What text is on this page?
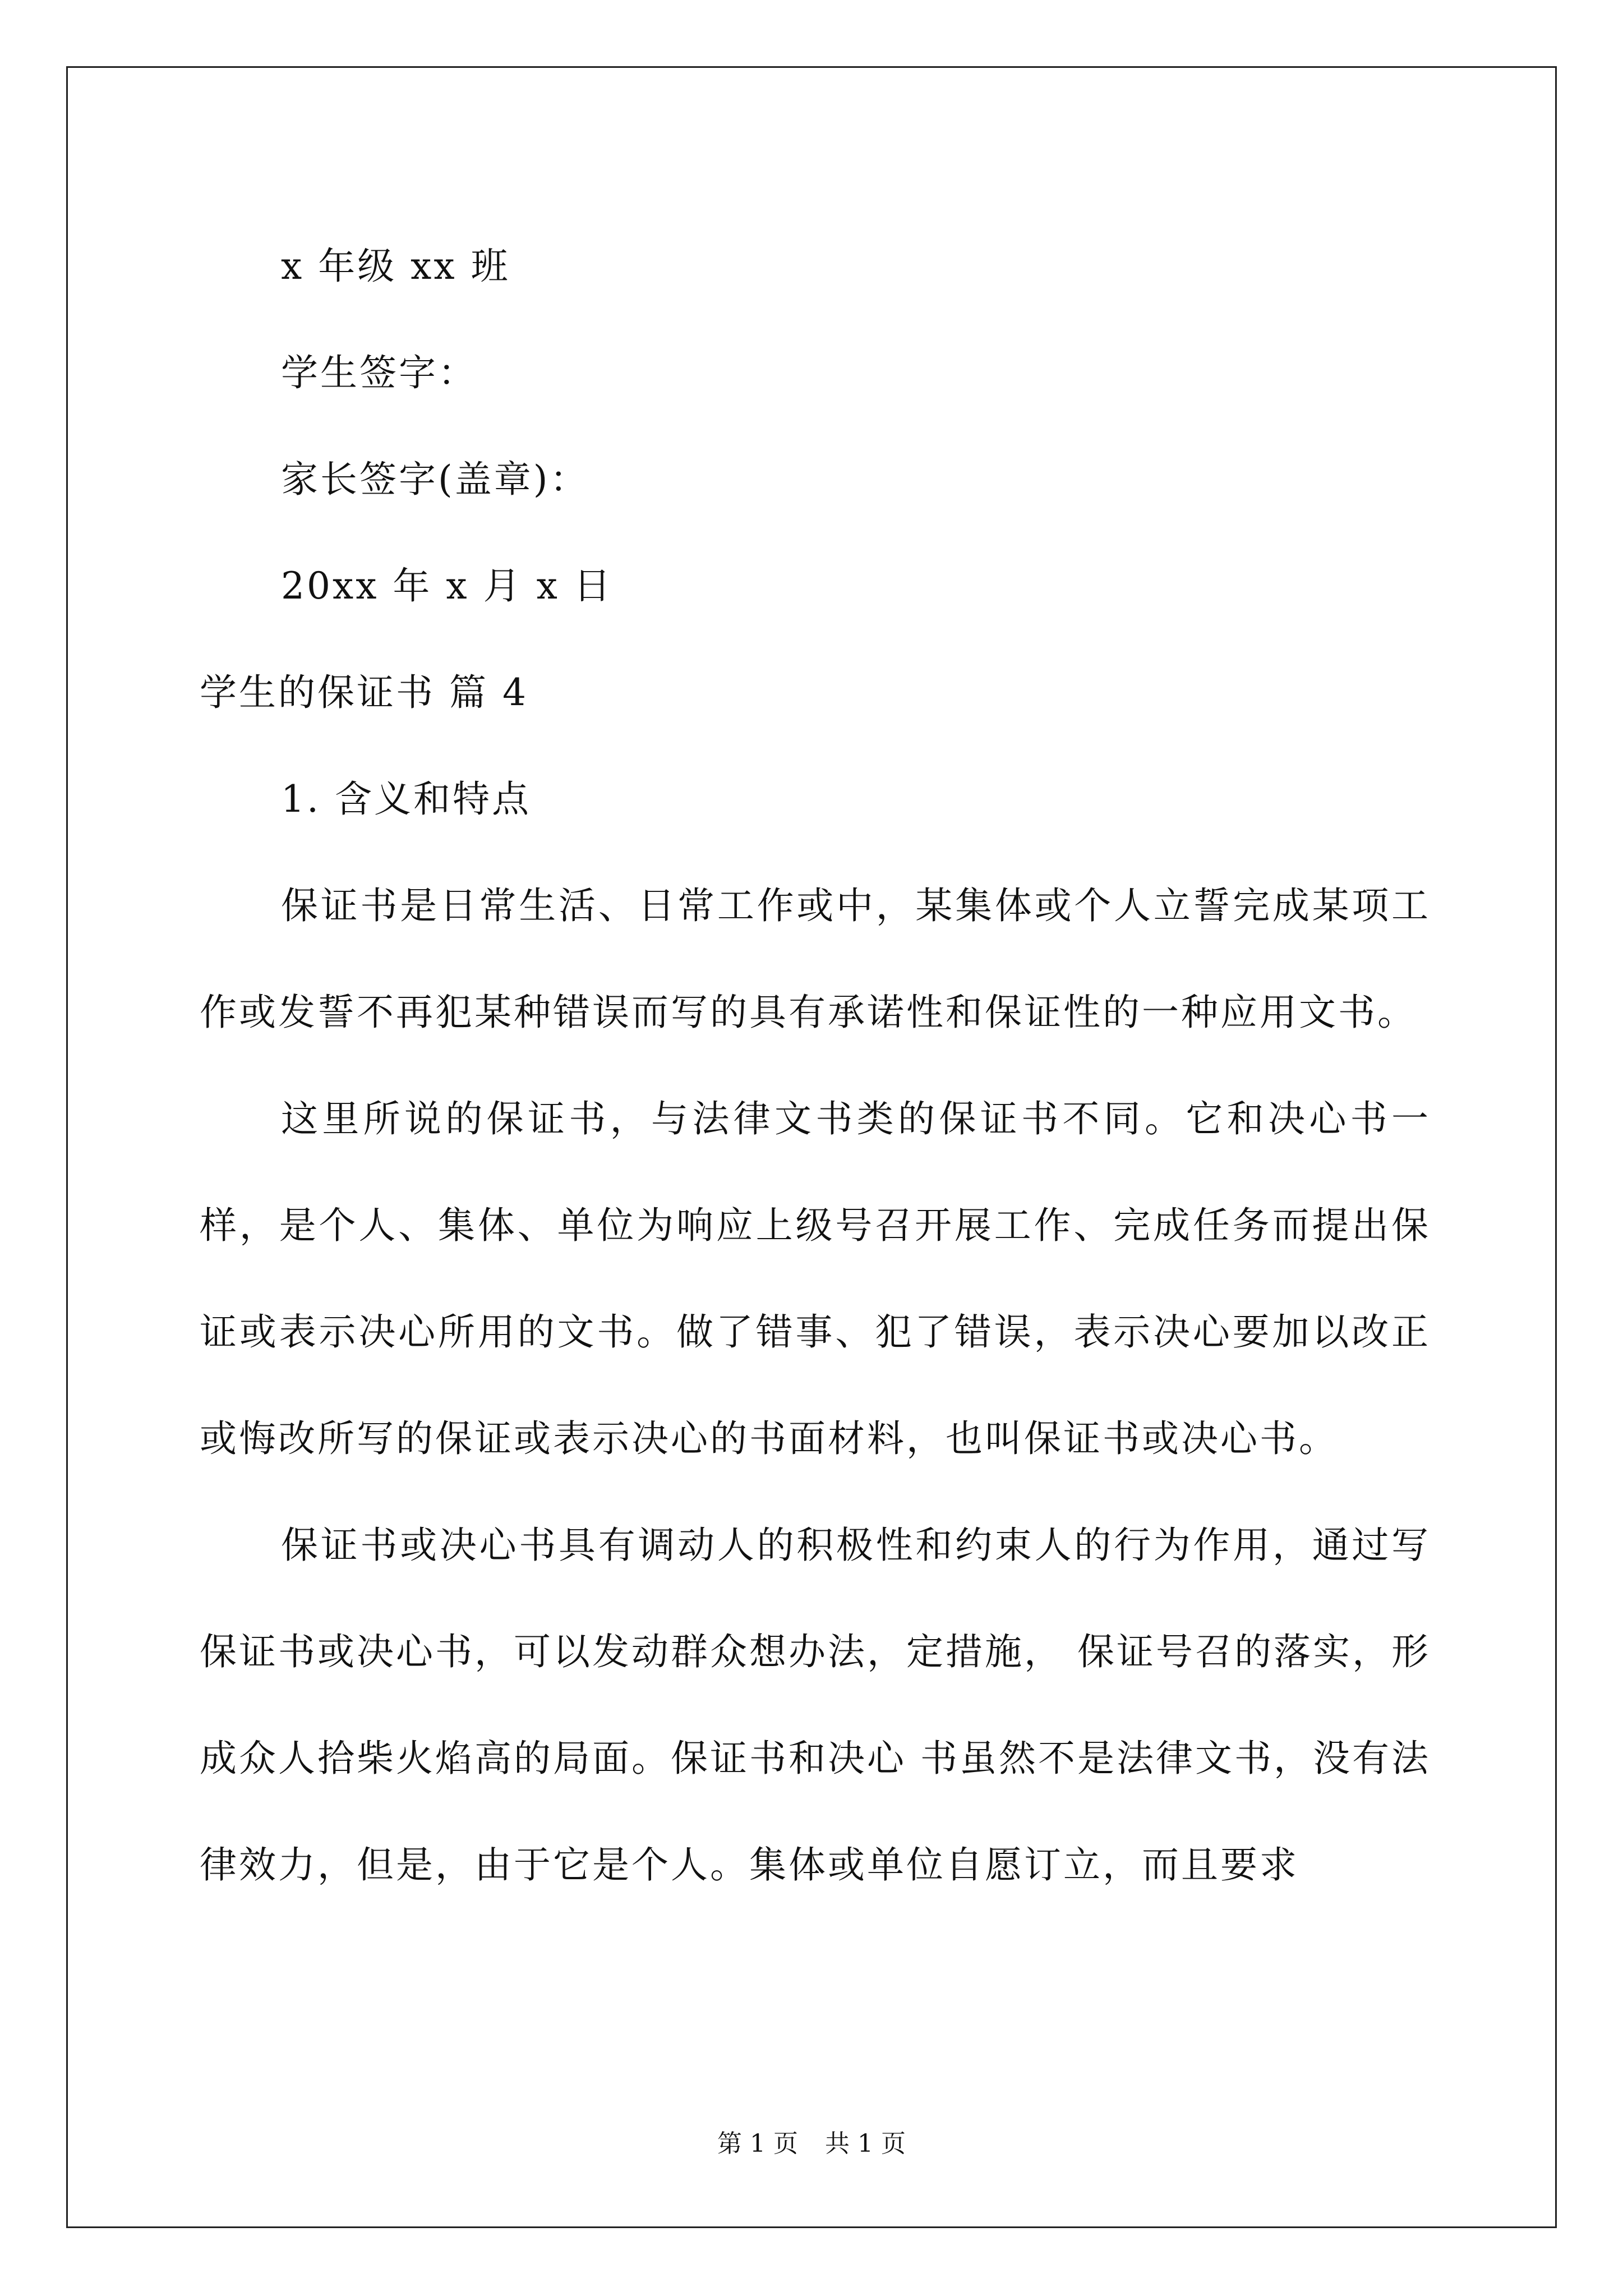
x 年级 xx 班
学生签字：
家长签字(盖章)：
20xx 年 x 月 x 日
学生的保证书 篇 4
1. 含义和特点

保证书是日常生活、日常工作或中，某集体或个人立誓完成某项工作或发誓不再犯某种错误而写的具有承诺性和保证性的一种应用文书。

这里所说的保证书，与法律文书类的保证书不同。它和决心书一样，是个人、集体、单位为响应上级号召开展工作、完成任务而提出保证或表示决心所用的文书。做了错事、犯了错误，表示决心要加以改正或悔改所写的保证或表示决心的书面材料，也叫保证书或决心书。

保证书或决心书具有调动人的积极性和约束人的行为作用，通过写保证书或决心书，可以发动群众想办法，定措施， 保证号召的落实，形成众人拾柴火焰高的局面。保证书和决心 书虽然不是法律文书，没有法律效力，但是，由于它是个人。集体或单位自愿订立，而且要求

第 1 页 共 1 页
